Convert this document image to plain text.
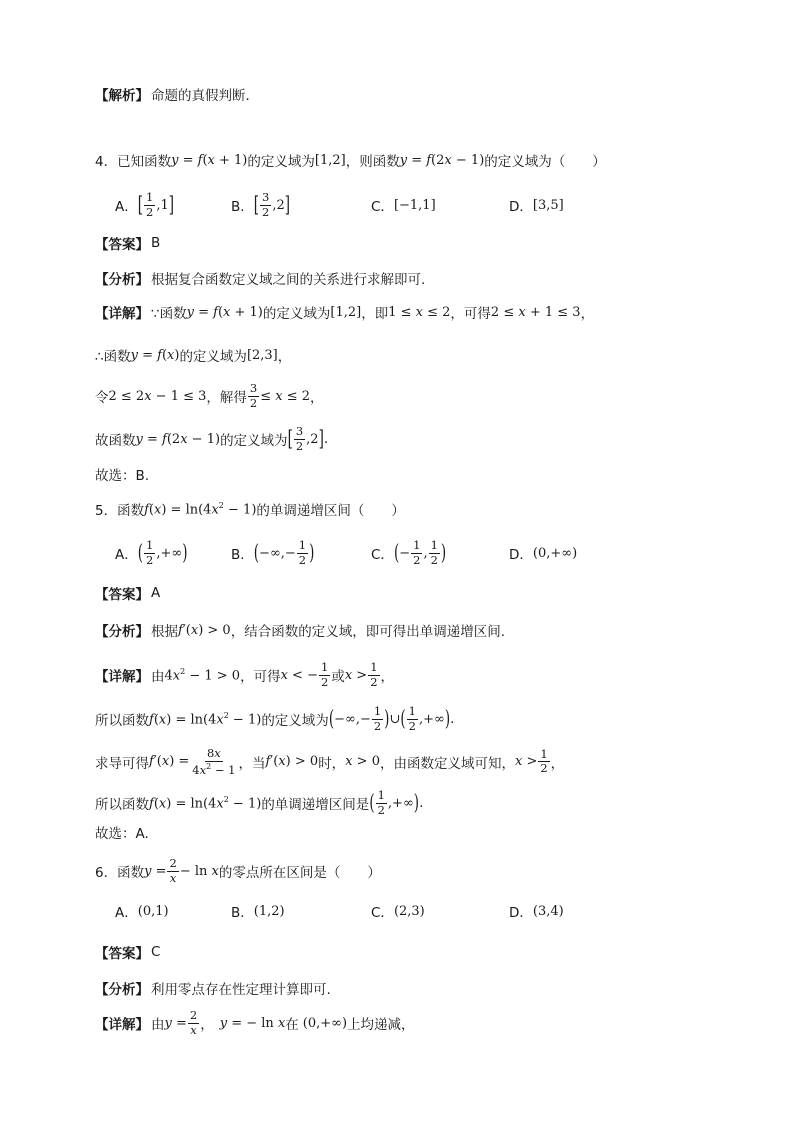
【解析】 命题的真假判断．
4．已知函数 y = f(x + 1) 的定义域为 [1,2] ，则函数 y = f(2x − 1) 的定义域为（　　）
A． [ $\frac{1}{2} ,1$ ]	B． [ $\frac{3}{2} ,2$ ]	C． [−1,1]	D． [3,5]
【答案】 B
【分析】 根据复合函数定义域之间的关系进行求解即可.
【详解】 ∵函数 y = f(x + 1) 的定义域为 [1,2] ，即 1 ≤ x ≤ 2 ，可得 2 ≤ x + 1 ≤ 3 ，
∴函数 y = f(x) 的定义域为 [2,3] ，
令 2 ≤ 2x − 1 ≤ 3 ，解得 $\frac{3}{2} \le x \le 2$ ，
故函数 y = f(2x − 1) 的定义域为 [ $\frac{3}{2} ,2$ ] .
故选：B.
5．函数 $f(x) = \ln(4x^2 - 1)$ 的单调递增区间（　　）
A． ( $\frac{1}{2}$ ,+∞ )	B． ( −∞,− $\frac{1}{2}$ )	C． ( − $\frac{1}{2}$ , $\frac{1}{2}$ )	D． (0,+∞)
【答案】 A
【分析】 根据 f′(x) > 0 ，结合函数的定义域，即可得出单调递增区间.
【详解】 由 $4x^2 - 1 > 0$ ，可得 x < − $\frac{1}{2}$ 或 $x > \frac{1}{2}$ ，
所以函数 $f(x) = \ln(4x^2 - 1)$ 的定义域为 ( −∞,− $\frac{1}{2}$ ) ∪ ( $\frac{1}{2}$ ,+∞ ) .
求导可得 $f'(x) = \frac{8x}{4x^2 - 1}$ ，当 f′(x) > 0 时， x > 0 ，由函数定义域可知， $x > \frac{1}{2}$ ，
所以函数 $f(x) = \ln(4x^2 - 1)$ 的单调递增区间是 ( $\frac{1}{2}$ ,+∞ ) .
故选：A.
6．函数 $y = \frac{2}{x} - \ln x$ 的零点所在区间是（　　）
A． (0,1)	B． (1,2)	C． (2,3)	D． (3,4)
【答案】 C
【分析】 利用零点存在性定理计算即可.
【详解】 由 $y = \frac{2}{x}$ ， y = − ln x 在 (0,+∞) 上均递减，
